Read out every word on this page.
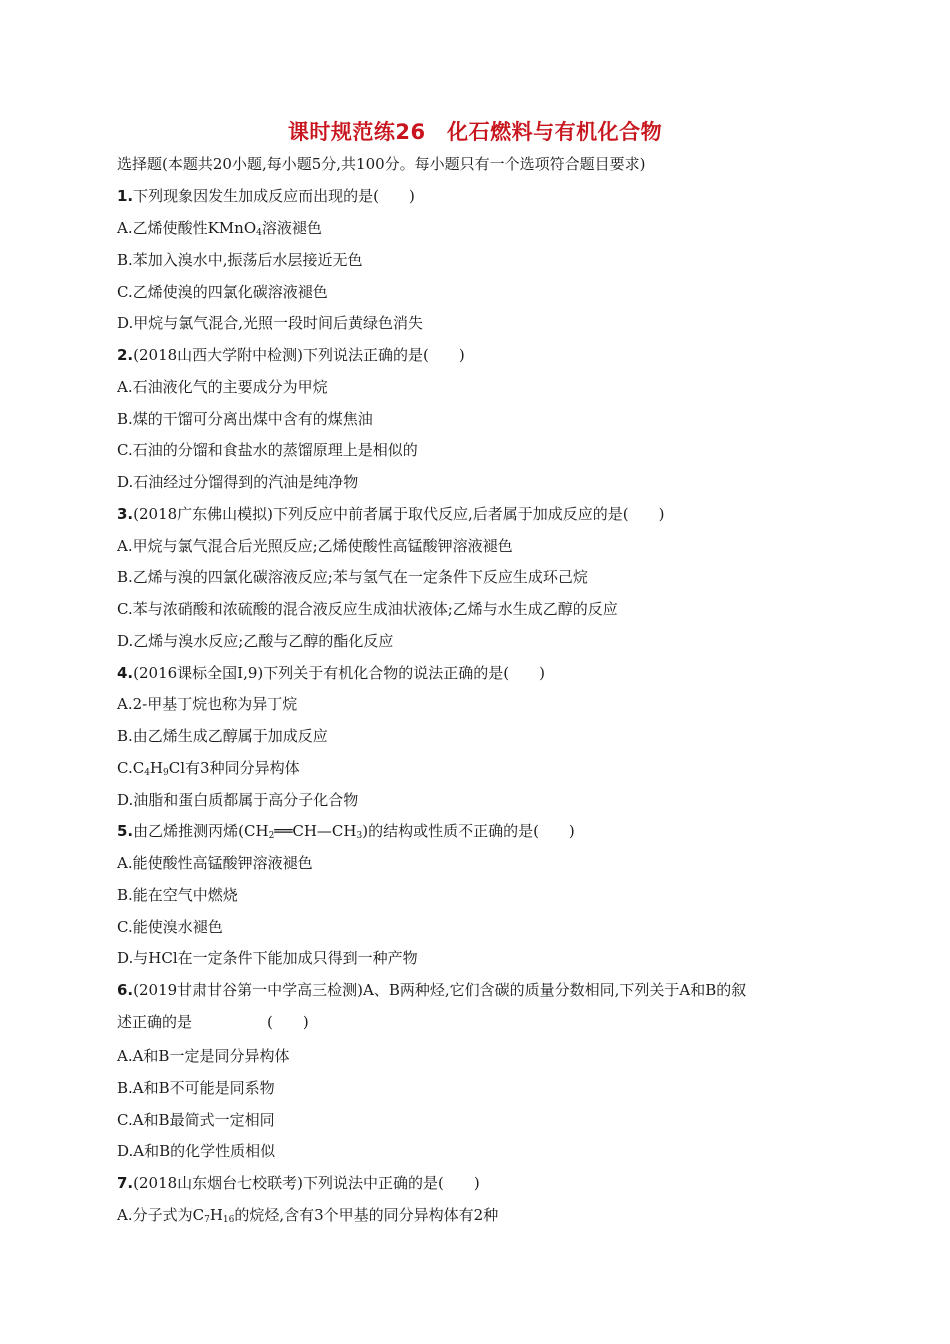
课时规范练26　化石燃料与有机化合物
选择题(本题共20小题,每小题5分,共100分。每小题只有一个选项符合题目要求)
1.下列现象因发生加成反应而出现的是(　　)
A.乙烯使酸性KMnO$_4$溶液褪色
B.苯加入溴水中,振荡后水层接近无色
C.乙烯使溴的四氯化碳溶液褪色
D.甲烷与氯气混合,光照一段时间后黄绿色消失
2.(2018山西大学附中检测)下列说法正确的是(　　)
A.石油液化气的主要成分为甲烷
B.煤的干馏可分离出煤中含有的煤焦油
C.石油的分馏和食盐水的蒸馏原理上是相似的
D.石油经过分馏得到的汽油是纯净物
3.(2018广东佛山模拟)下列反应中前者属于取代反应,后者属于加成反应的是(　　)
A.甲烷与氯气混合后光照反应;乙烯使酸性高锰酸钾溶液褪色
B.乙烯与溴的四氯化碳溶液反应;苯与氢气在一定条件下反应生成环己烷
C.苯与浓硝酸和浓硫酸的混合液反应生成油状液体;乙烯与水生成乙醇的反应
D.乙烯与溴水反应;乙酸与乙醇的酯化反应
4.(2016课标全国Ⅰ,9)下列关于有机化合物的说法正确的是(　　)
A.2-甲基丁烷也称为异丁烷
B.由乙烯生成乙醇属于加成反应
$C.C_4H_9Cl$有3种同分异构体
D.油脂和蛋白质都属于高分子化合物
5.由乙烯推测丙烯$(CH_2══CH—CH_3)$的结构或性质不正确的是(　　)
A.能使酸性高锰酸钾溶液褪色
B.能在空气中燃烧
C.能使溴水褪色
D.与HCl在一定条件下能加成只得到一种产物
6.(2019甘肃甘谷第一中学高三检测)A、B两种烃,它们含碳的质量分数相同,下列关于A和B的叙
述正确的是　　　　　(　　)
A.A和B一定是同分异构体
B.A和B不可能是同系物
C.A和B最简式一定相同
D.A和B的化学性质相似
7.(2018山东烟台七校联考)下列说法中正确的是(　　)
A.分子式为$C_7H_{16}$的烷烃,含有3个甲基的同分异构体有2种
